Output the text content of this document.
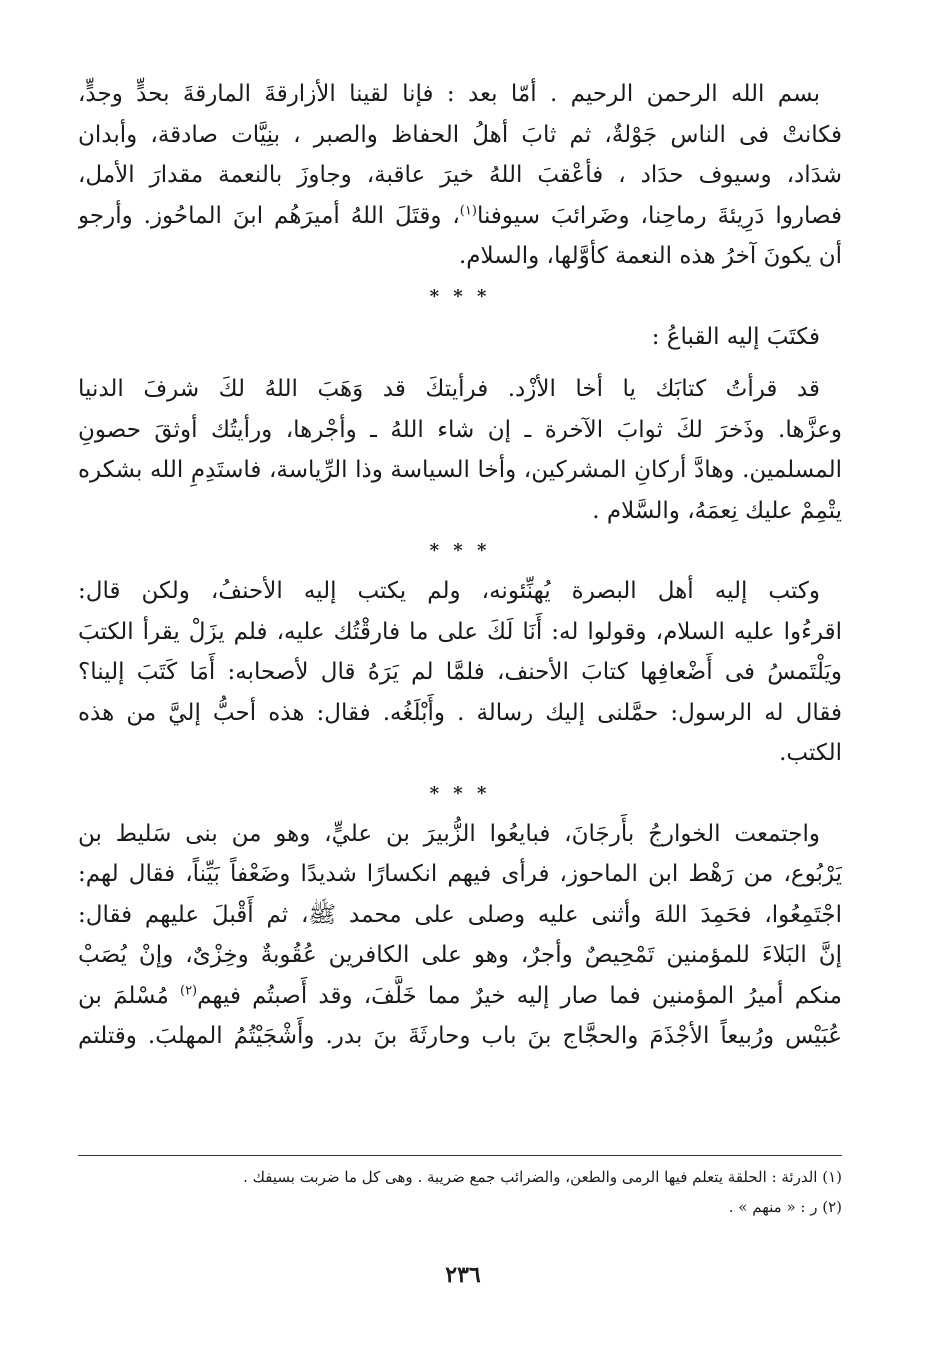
بسم الله الرحمن الرحيم . أمّا بعد : فإنا لقينا الأزارقةَ المارقةَ بحدٍّ وجدٍّ،
فكانتْ فى الناس جَوْلةٌ، ثم ثابَ أهلُ الحفاظ والصبر ، بنِيَّات صادقة، وأبدان
شدَاد، وسيوف حدَاد ، فأعْقبَ اللهُ خيرَ عاقبة، وجاوزَ بالنعمة مقدارَ الأمل،
فصاروا دَرِيئةَ رماحِنا، وضَرائبَ سيوفنا$^{(١)}$، وقتَلَ اللهُ أميرَهُم ابنَ الماحُوز. وأرجو
أن يكونَ آخرُ هذه النعمة كأوَّلها، والسلام.

* * *

فكتَبَ إليه القباعُ :

قد قرأتُ كتابَك يا أخا الأزْد. فرأيتكَ قد وَهَبَ اللهُ لكَ شرفَ الدنيا
وعزَّها. وذَخرَ لكَ ثوابَ الآخرة ـ إن شاء اللهُ ـ وأجْرها، ورأيتُك أوثقَ حصونِ
المسلمين. وهادَّ أركانِ المشركين، وأخا السياسة وذا الرِّياسة، فاستَدِمِ الله بشكره
يتْمِمْ عليك نِعمَهُ، والسَّلام .

* * *

وكتب إليه أهل البصرة يُهنِّئونه، ولم يكتب إليه الأحنفُ، ولكن قال:
اقرءُوا عليه السلام، وقولوا له: أَنَا لَكَ على ما فارقْتُك عليه، فلم يزَلْ يقرأ الكتبَ
ويَلْتَمسُ فى أَضْعافِها كتابَ الأحنف، فلمَّا لم يَرَهُ قال لأصحابه: أَمَا كَتَبَ إلينا؟
فقال له الرسول: حمَّلنى إليك رسالة . وأَبْلَغُه. فقال: هذه أحبُّ إليَّ من هذه
الكتب.

* * *

واجتمعت الخوارجُ بأَرجَانَ، فبايعُوا الزُّبيرَ بن عليٍّ، وهو من بنى سَليط بن
يَرْبُوع، من رَهْط ابن الماحوز، فرأى فيهم انكسارًا شديدًا وضَعْفاً بَيِّناً، فقال لهم:
اجْتَمِعُوا، فحَمِدَ اللهَ وأثنى عليه وصلى على محمد ﷺ، ثم أَقْبلَ عليهم فقال:
إنَّ البَلاءَ للمؤمنين تَمْحِيصٌ وأجرٌ، وهو على الكافرين عُقُوبةٌ وخِزْىٌ، وإنْ يُصَبْ
منكم أميرُ المؤمنين فما صار إليه خيرٌ مما خَلَّفَ، وقد أَصبتُم فيهم$^{(٢)}$ مُسْلمَ بن
عُبَيْس ورُبيعاً الأجْذَمَ والحجَّاج بنَ باب وحارثَةَ بنَ بدر. وأَشْجَيْتُمُ المهلبَ. وقتلتم

(١) الدرئة : الحلقة يتعلم فيها الرمى والطعن، والضرائب جمع ضريبة . وهى كل ما ضربت بسيفك .
(٢) ر : « منهم » .
٢٣٦
